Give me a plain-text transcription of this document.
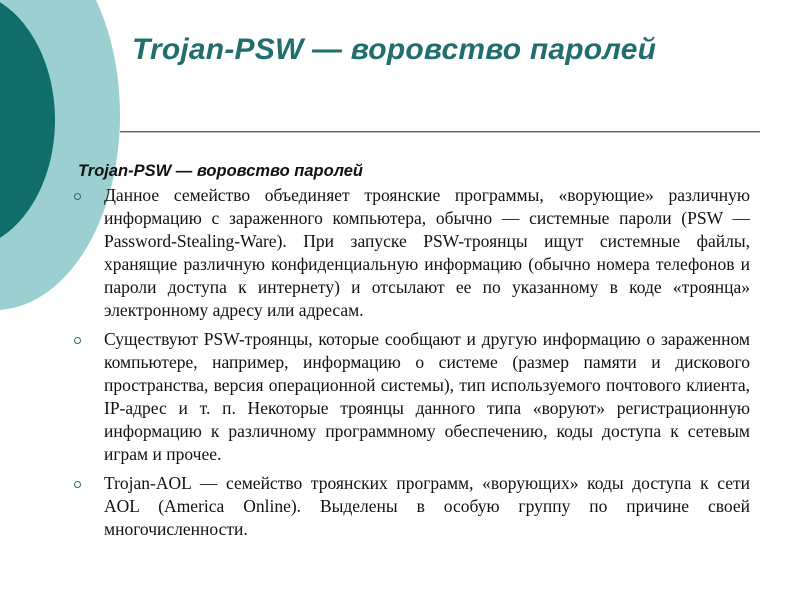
Trojan-PSW — воровство паролей
Trojan-PSW — воровство паролей
Данное семейство объединяет троянские программы, «ворующие» различную информацию с зараженного компьютера, обычно — системные пароли (PSW — Password-Stealing-Ware). При запуске PSW-троянцы ищут системные файлы, хранящие различную конфиденциальную информацию (обычно номера телефонов и пароли доступа к интернету) и отсылают ее по указанному в коде «троянца» электронному адресу или адресам.
Существуют PSW-троянцы, которые сообщают и другую информацию о зараженном компьютере, например, информацию о системе (размер памяти и дискового пространства, версия операционной системы), тип используемого почтового клиента, IP-адрес и т. п. Некоторые троянцы данного типа «воруют» регистрационную информацию к различному программному обеспечению, коды доступа к сетевым играм и прочее.
Trojan-AOL — семейство троянских программ, «ворующих» коды доступа к сети AOL (America Online). Выделены в особую группу по причине своей многочисленности.
